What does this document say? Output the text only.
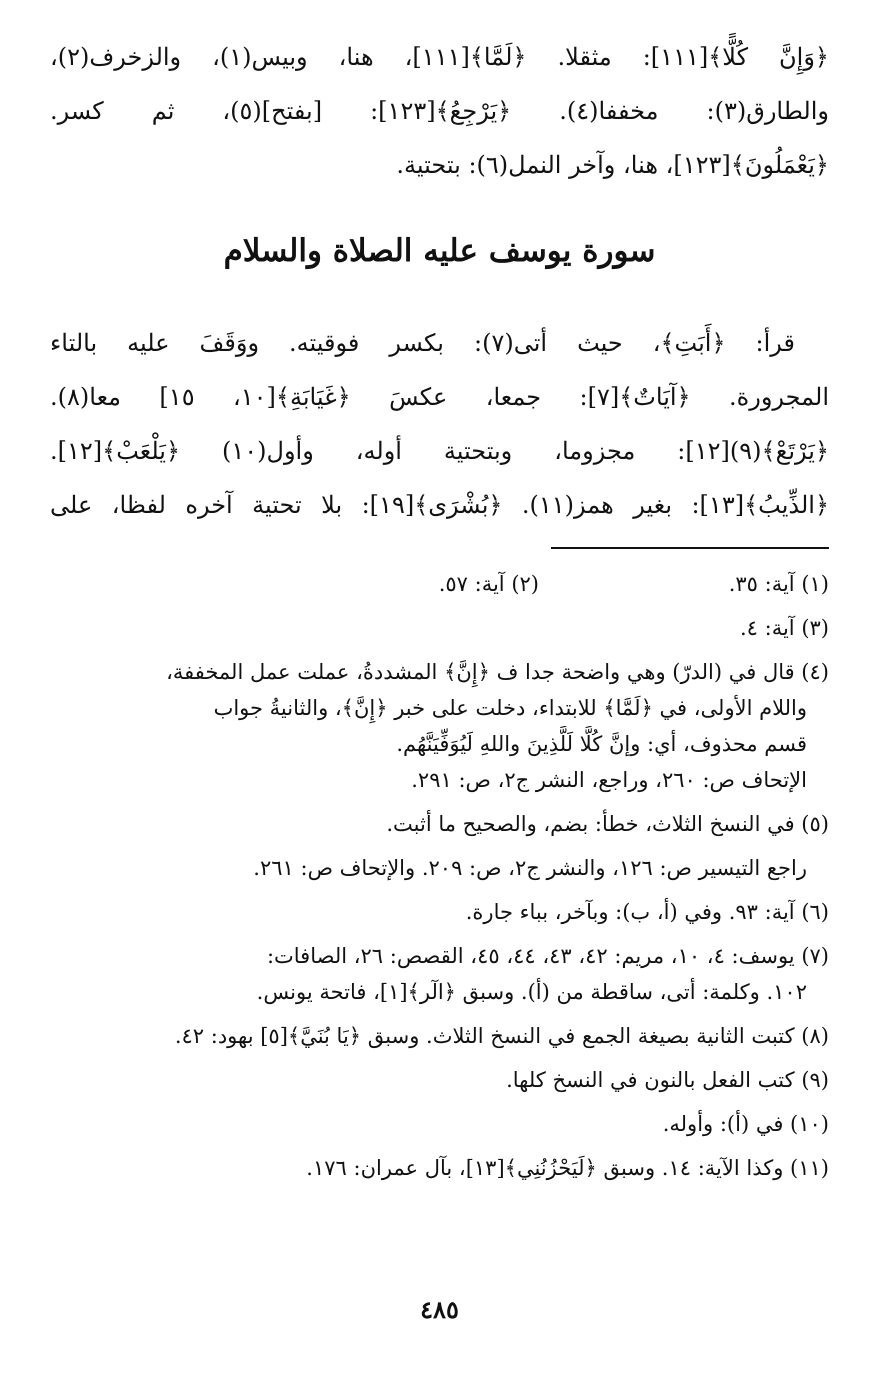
﴿وَإِنَّ كُلًّا﴾[١١١]: مثقلا. ﴿لَمَّا﴾[١١١]، هنا، وبيس(١)، والزخرف(٢)،
والطارق(٣): مخففا(٤). ﴿يَرْجِعُ﴾[١٢٣]: [بفتح](٥)، ثم كسر.
﴿يَعْمَلُونَ﴾[١٢٣]، هنا، وآخر النمل(٦): بتحتية.
سورة يوسف عليه الصلاة والسلام
قرأ: ﴿أَبَتِ﴾، حيث أتى(٧): بكسر فوقيته. ووَقَفَ عليه بالتاء
المجرورة. ﴿آيَاتٌ﴾[٧]: جمعا، عكسَ ﴿غَيَابَةِ﴾[١٠، ١٥] معا(٨).
﴿يَرْتَعْ﴾(٩)[١٢]: مجزوما، وبتحتية أوله، وأول(١٠) ﴿يَلْعَبْ﴾[١٢].
﴿الذِّيبُ﴾[١٣]: بغير همز(١١). ﴿بُشْرَى﴾[١٩]: بلا تحتية آخره لفظا، على
(١) آية: ٣٥.
(٢) آية: ٥٧.
(٣) آية: ٤.
(٤) قال في (الدرّ) وهي واضحة جدا ف ﴿إِنَّ﴾ المشددةُ، عملت عمل المخففة،
واللام الأولى، في ﴿لَمَّا﴾ للابتداء، دخلت على خبر ﴿إِنَّ﴾، والثانيةُ جواب
قسم محذوف، أي: وإنَّ كُلًّا لَلَّذِينَ واللهِ لَيُوَفِّيَنَّهُم.
الإتحاف ص: ٢٦٠، وراجع، النشر ج٢، ص: ٢٩١.
(٥) في النسخ الثلاث، خطأ: بضم، والصحيح ما أثبت.
راجع التيسير ص: ١٢٦، والنشر ج٢، ص: ٢٠٩. والإتحاف ص: ٢٦١.
(٦) آية: ٩٣. وفي (أ، ب): وبآخر، بباء جارة.
(٧) يوسف: ٤، ١٠، مريم: ٤٢، ٤٣، ٤٤، ٤٥، القصص: ٢٦، الصافات:
١٠٢. وكلمة: أتى، ساقطة من (أ). وسبق ﴿الٓر﴾[١]، فاتحة يونس.
(٨) كتبت الثانية بصيغة الجمع في النسخ الثلاث. وسبق ﴿يَا بُنَيَّ﴾[٥] بهود: ٤٢.
(٩) كتب الفعل بالنون في النسخ كلها.
(١٠) في (أ): وأوله.
(١١) وكذا الآية: ١٤. وسبق ﴿لَيَحْزُنُنِي﴾[١٣]، بآل عمران: ١٧٦.
٤٨٥
